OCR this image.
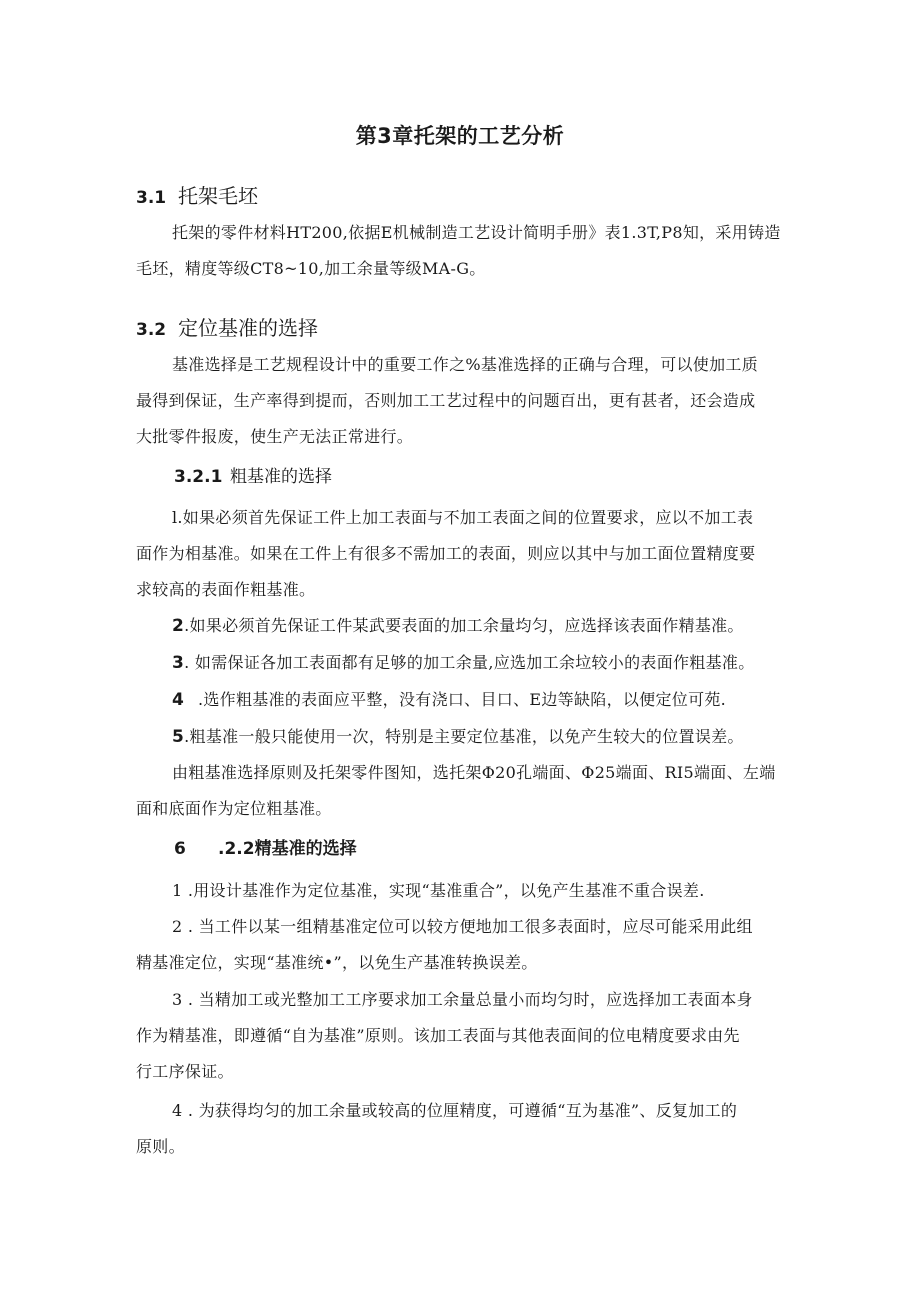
第3章托架的工艺分析
3.1 托架毛坯
托架的零件材料HT200,依据E机械制造工艺设计简明手册》表1.3T,P8知，采用铸造
毛坯，精度等级CT8~10,加工余量等级MA-G。
3.2 定位基准的选择
基准选择是工艺规程设计中的重要工作之%基准选择的正确与合理，可以使加工质
最得到保证，生产率得到提而，否则加工工艺过程中的问题百出，更有甚者，还会造成
大批零件报废，使生产无法正常进行。
3.2.1 粗基准的选择
l.如果必须首先保证工件上加工表面与不加工表面之间的位置要求，应以不加工表
面作为相基准。如果在工件上有很多不需加工的表面，则应以其中与加工面位置精度要
求较高的表面作粗基准。
2.如果必须首先保证工件某武要表面的加工余量均匀，应选择该表面作精基准。
3. 如需保证各加工表面都有足够的加工余量,应选加工余垃较小的表面作粗基准。
4 .选作粗基准的表面应平整，没有浇口、目口、E边等缺陷，以便定位可苑.
5.粗基准一般只能使用一次，特别是主要定位基准，以免产生较大的位置误差。
由粗基准选择原则及托架零件图知，选托架Φ20孔端面、Φ25端面、RI5端面、左端
面和底面作为定位粗基准。
6 .2.2精基准的选择
1 .用设计基准作为定位基准，实现“基准重合”，以免产生基准不重合误差.
2 . 当工件以某一组精基准定位可以较方便地加工很多表面时，应尽可能采用此组
精基准定位，实现“基准统•”，以免生产基准转换误差。
3 . 当精加工或光整加工工序要求加工余量总量小而均匀时，应选择加工表面本身
作为精基准，即遵循“自为基准”原则。该加工表面与其他表面间的位电精度要求由先
行工序保证。
4 . 为获得均匀的加工余量或较高的位厘精度，可遵循“互为基准”、反复加工的
原则。
